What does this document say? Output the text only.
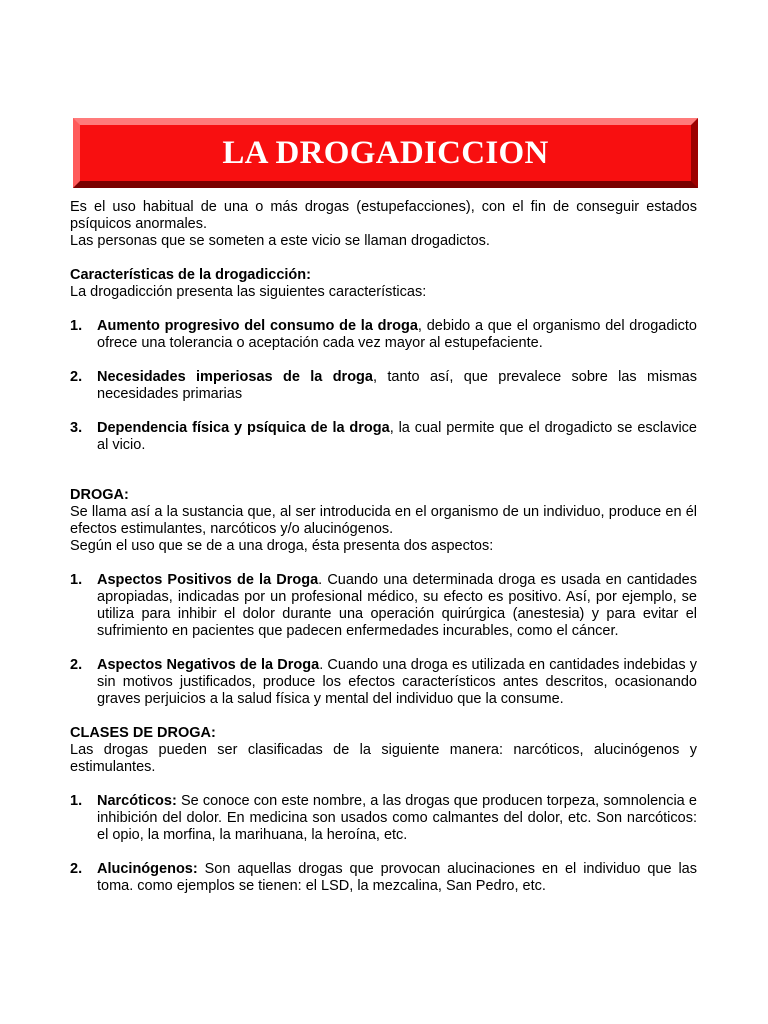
LA DROGADICCION

Es el uso habitual de una o más drogas (estupefacciones), con el fin de conseguir estados psíquicos anormales.

Las personas que se someten a este vicio se llaman drogadictos.

Características de la drogadicción:

La drogadicción presenta las siguientes características:

1. Aumento progresivo del consumo de la droga, debido a que el organismo del drogadicto ofrece una tolerancia o aceptación cada vez mayor al estupefaciente.
2. Necesidades imperiosas de la droga, tanto así, que prevalece sobre las mismas necesidades primarias
3. Dependencia física y psíquica de la droga, la cual permite que el drogadicto se esclavice al vicio.

DROGA:

Se llama así a la sustancia que, al ser introducida en el organismo de un individuo, produce en él efectos estimulantes, narcóticos y/o alucinógenos.

Según el uso que se de a una droga, ésta presenta dos aspectos:

1. Aspectos Positivos de la Droga. Cuando una determinada droga es usada en cantidades apropiadas, indicadas por un profesional médico, su efecto es positivo. Así, por ejemplo, se utiliza para inhibir el dolor durante una operación quirúrgica (anestesia) y para evitar el sufrimiento en pacientes que padecen enfermedades incurables, como el cáncer.
2. Aspectos Negativos de la Droga. Cuando una droga es utilizada en cantidades indebidas y sin motivos justificados, produce los efectos característicos antes descritos, ocasionando graves perjuicios a la salud física y mental del individuo que la consume.

CLASES DE DROGA:

Las drogas pueden ser clasificadas de la siguiente manera: narcóticos, alucinógenos y estimulantes.

1. Narcóticos: Se conoce con este nombre, a las drogas que producen torpeza, somnolencia e inhibición del dolor. En medicina son usados como calmantes del dolor, etc. Son narcóticos: el opio, la morfina, la marihuana, la heroína, etc.
2. Alucinógenos: Son aquellas drogas que provocan alucinaciones en el individuo que las toma. como ejemplos se tienen: el LSD, la mezcalina, San Pedro, etc.
